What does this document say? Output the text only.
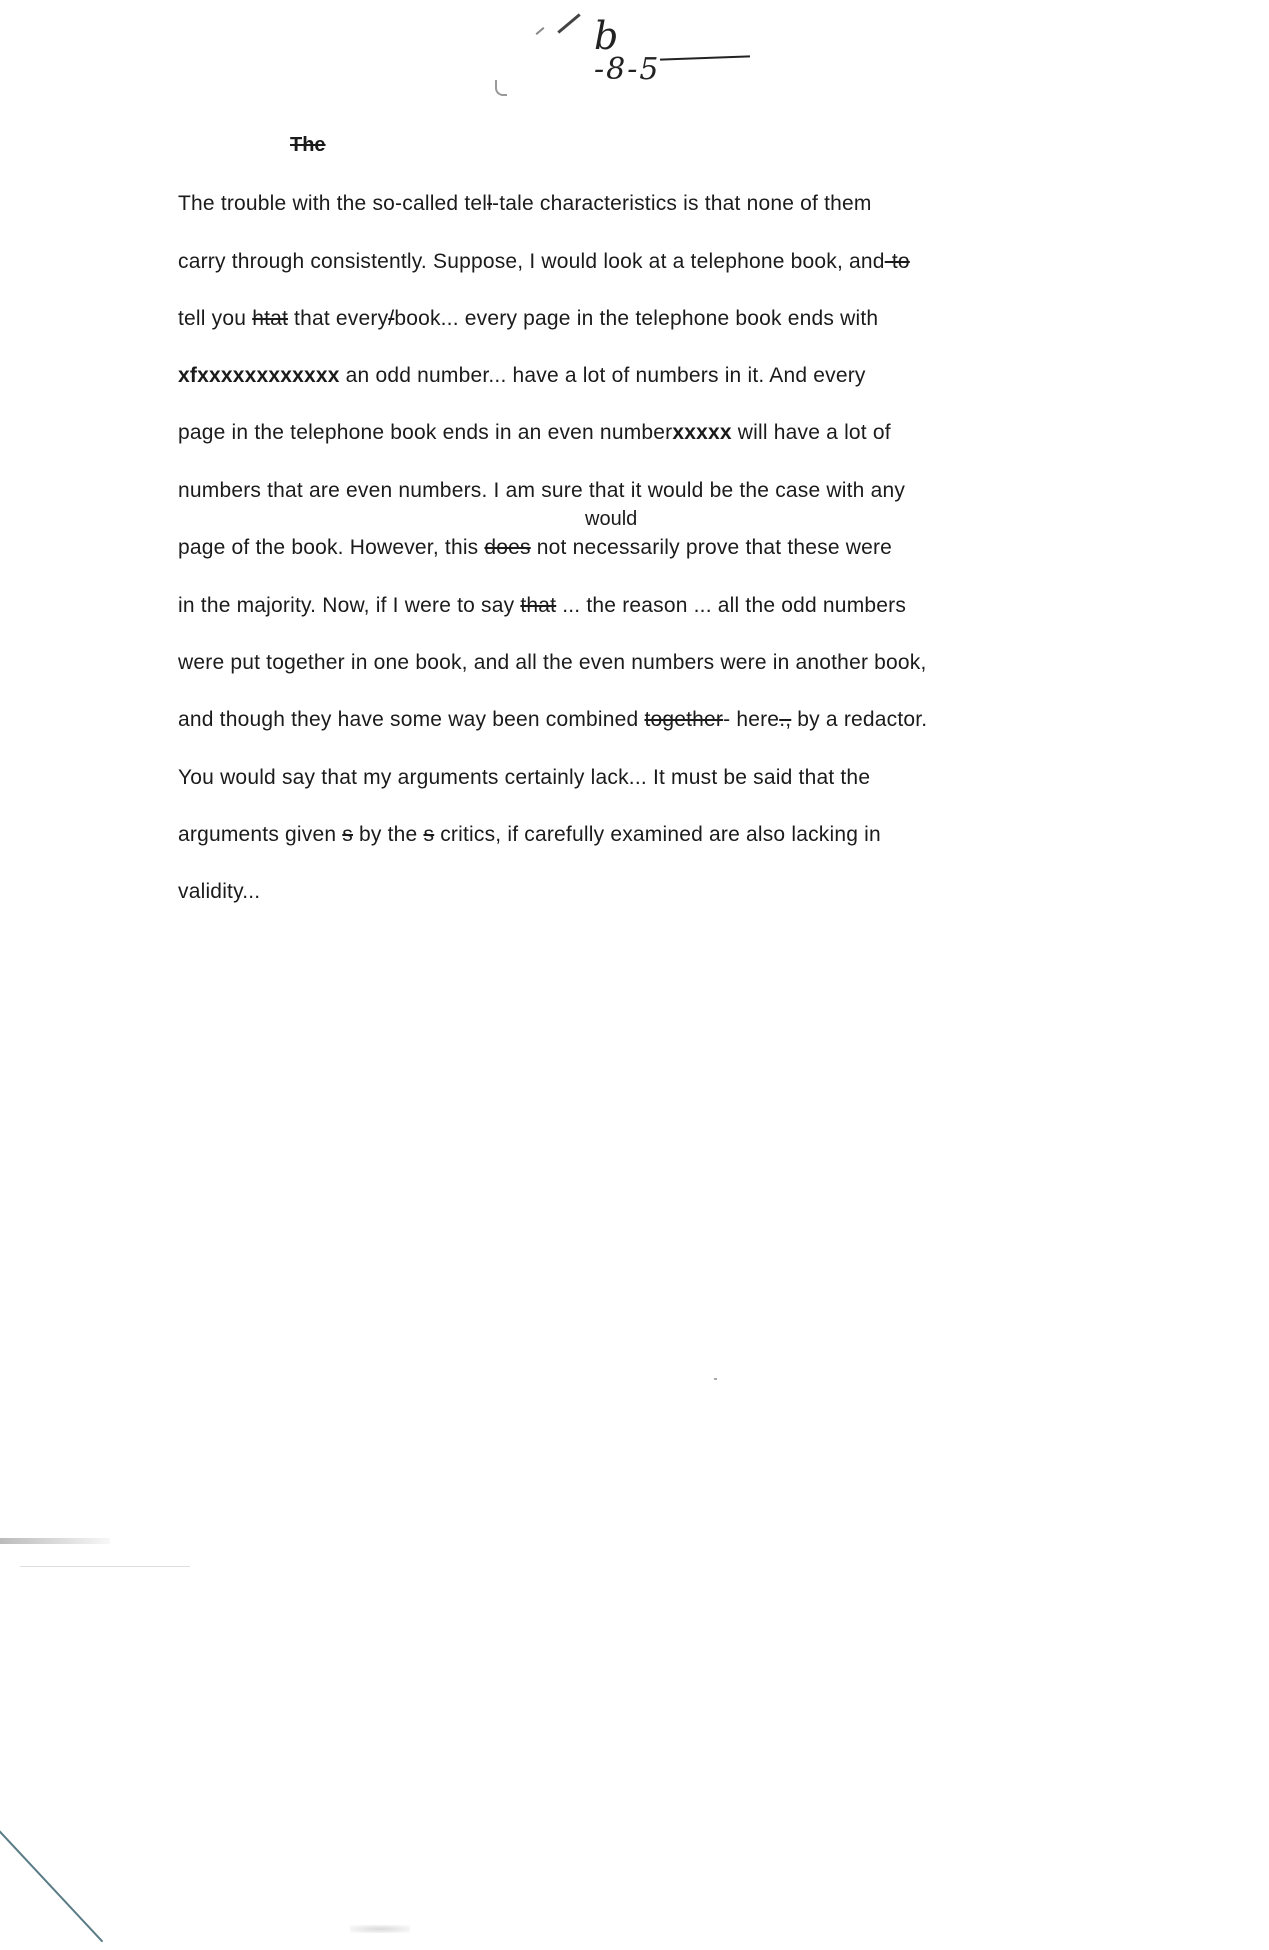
b
-8-5
The
The trouble with the so-called tell-tale characteristics is that none of them
carry through consistently. Suppose, I would look at a telephone book, and-to
tell you htat that every/book... every page in the telephone book ends with
xfxxxxxxxxxxxx an odd number... have a lot of numbers in it. And every
page in the telephone book ends in an even numberxxxxx will have a lot of
numbers that are even numbers. I am sure that it would be the case with any
page of the book. However, this does not necessarily prove that these were
in the majority. Now, if I were to say that ... the reason ... all the odd numbers
were put together in one book, and all the even numbers were in another book,
and though they have some way been combined together- here., by a redactor.
You would say that my arguments certainly lack... It must be said that the
arguments given s by the s critics, if carefully examined are also lacking in
validity...
would
